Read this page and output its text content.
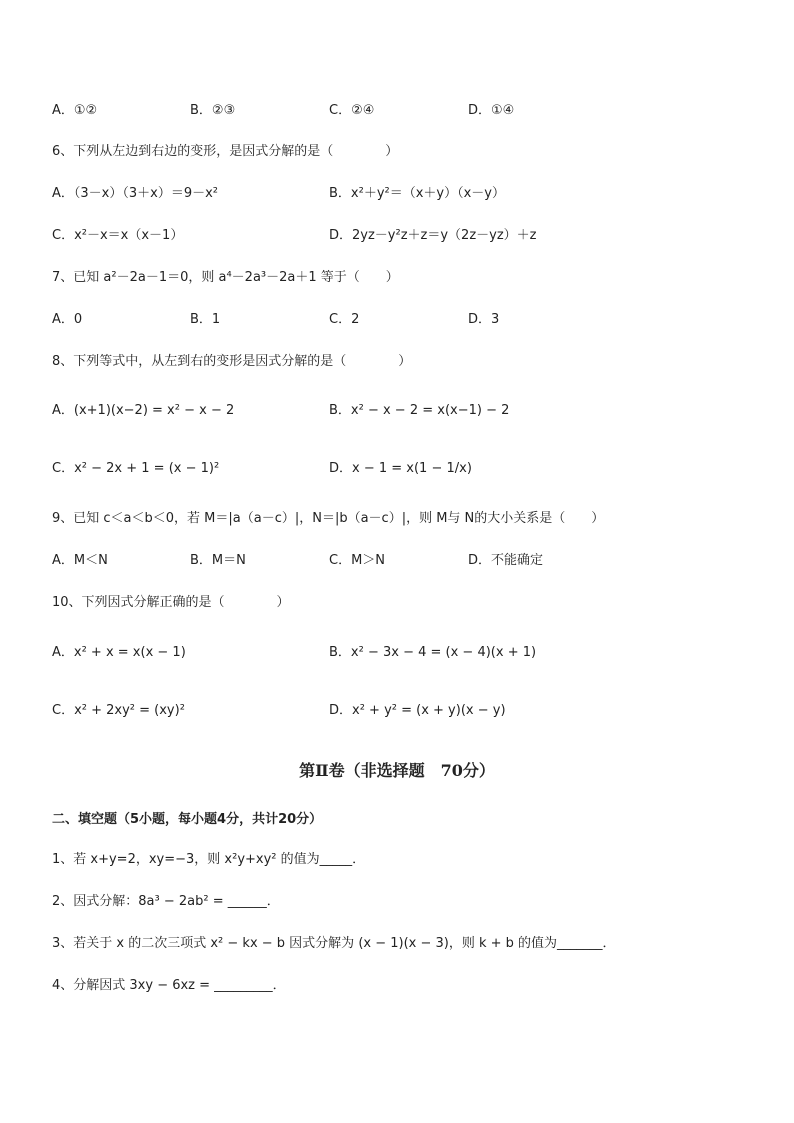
A．①②	B．②③	C．②④	D．①④
6、下列从左边到右边的变形，是因式分解的是（　　　　）
A．（3－x）（3＋x）＝9－x²	B．x²＋y²＝（x＋y）（x－y）
C．x²－x＝x（x－1）	D．2yz－y²z＋z＝y（2z－yz）＋z
7、已知 a²－2a－1＝0，则 a⁴－2a³－2a＋1 等于（　　）
A．0	B．1	C．2	D．3
8、下列等式中，从左到右的变形是因式分解的是（　　　　）
A．(x+1)(x−2) = x² − x − 2	B．x² − x − 2 = x(x−1) − 2
C．x² − 2x + 1 = (x − 1)²	D．x − 1 = x(1 − 1/x)
9、已知 c＜a＜b＜0，若 M＝|a（a－c）|，N＝|b（a－c）|，则 M与 N的大小关系是（　　）
A．M＜N	B．M＝N	C．M＞N	D．不能确定
10、下列因式分解正确的是（　　　　）
A．x² + x = x(x − 1)	B．x² − 3x − 4 = (x − 4)(x + 1)
C．x² + 2xy² = (xy)²	D．x² + y² = (x + y)(x − y)
第Ⅱ卷（非选择题　70分）
二、填空题（5小题，每小题4分，共计20分）
1、若 x+y=2，xy=−3，则 x²y+xy² 的值为_____．
2、因式分解：8a³ − 2ab² = ______．
3、若关于 x 的二次三项式 x² − kx − b 因式分解为 (x − 1)(x − 3)，则 k + b 的值为_______．
4、分解因式 3xy − 6xz = _________．
